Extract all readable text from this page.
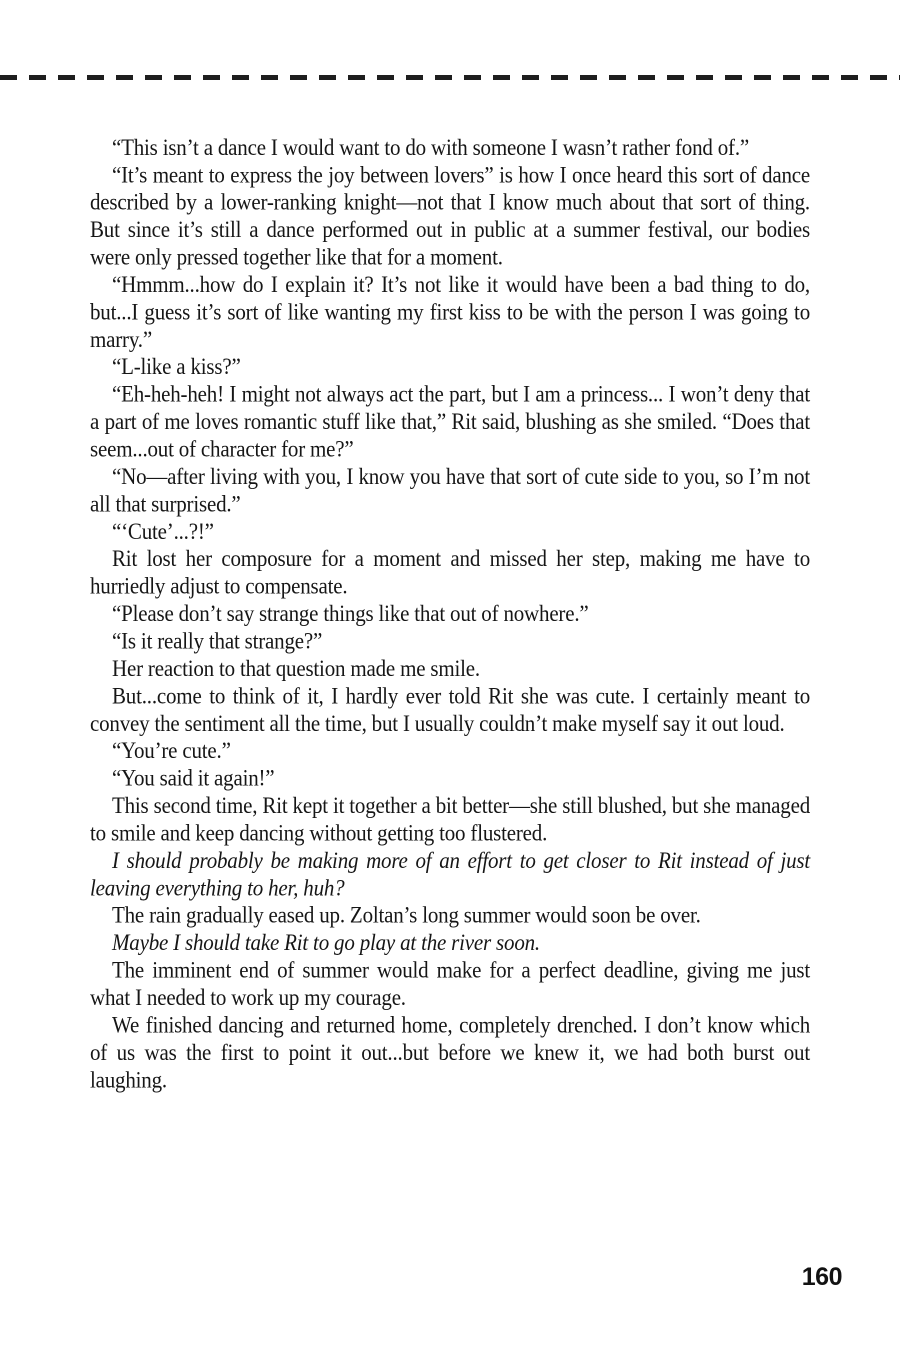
“This isn’t a dance I would want to do with someone I wasn’t rather fond of.”

“It’s meant to express the joy between lovers” is how I once heard this sort of dance described by a lower-ranking knight—not that I know much about that sort of thing. But since it’s still a dance performed out in public at a summer festival, our bodies were only pressed together like that for a moment.

“Hmmm...how do I explain it? It’s not like it would have been a bad thing to do, but...I guess it’s sort of like wanting my first kiss to be with the person I was going to marry.”

“L-like a kiss?”

“Eh-heh-heh! I might not always act the part, but I am a princess... I won’t deny that a part of me loves romantic stuff like that,” Rit said, blushing as she smiled. “Does that seem...out of character for me?”

“No—after living with you, I know you have that sort of cute side to you, so I’m not all that surprised.”

“‘Cute’...?!”

Rit lost her composure for a moment and missed her step, making me have to hurriedly adjust to compensate.

“Please don’t say strange things like that out of nowhere.”

“Is it really that strange?”

Her reaction to that question made me smile.

But...come to think of it, I hardly ever told Rit she was cute. I certainly meant to convey the sentiment all the time, but I usually couldn’t make myself say it out loud.

“You’re cute.”

“You said it again!”

This second time, Rit kept it together a bit better—she still blushed, but she managed to smile and keep dancing without getting too flustered.

I should probably be making more of an effort to get closer to Rit instead of just leaving everything to her, huh?

The rain gradually eased up. Zoltan’s long summer would soon be over.

Maybe I should take Rit to go play at the river soon.

The imminent end of summer would make for a perfect deadline, giving me just what I needed to work up my courage.

We finished dancing and returned home, completely drenched. I don’t know which of us was the first to point it out...but before we knew it, we had both burst out laughing.

160
